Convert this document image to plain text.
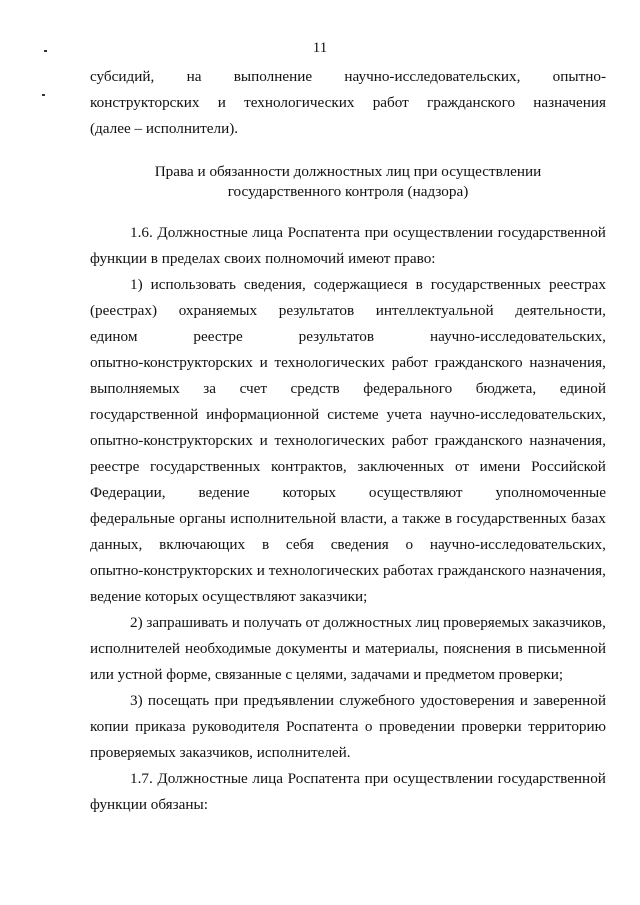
11
субсидий, на выполнение научно-исследовательских, опытно-
конструкторских и технологических работ гражданского назначения
(далее – исполнители).
Права и обязанности должностных лиц при осуществлении
государственного контроля (надзора)
1.6. Должностные лица Роспатента при осуществлении государственной
функции в пределах своих полномочий имеют право:
1) использовать сведения, содержащиеся в государственных реестрах
(реестрах) охраняемых результатов интеллектуальной деятельности,
едином	реестре	результатов	научно-исследовательских,
опытно-конструкторских и технологических работ гражданского назначения,
выполняемых за счет средств федерального бюджета, единой
государственной информационной системе учета научно-исследовательских,
опытно-конструкторских и технологических работ гражданского назначения,
реестре государственных контрактов, заключенных от имени Российской
Федерации, ведение которых осуществляют уполномоченные
федеральные органы исполнительной власти, а также в государственных базах
данных, включающих в себя сведения о научно-исследовательских,
опытно-конструкторских и технологических работах гражданского назначения,
ведение которых осуществляют заказчики;
2) запрашивать и получать от должностных лиц проверяемых заказчиков,
исполнителей необходимые документы и материалы, пояснения в письменной
или устной форме, связанные с целями, задачами и предметом проверки;
3) посещать при предъявлении служебного удостоверения и заверенной
копии приказа руководителя Роспатента о проведении проверки территорию
проверяемых заказчиков, исполнителей.
1.7. Должностные лица Роспатента при осуществлении государственной
функции обязаны:
